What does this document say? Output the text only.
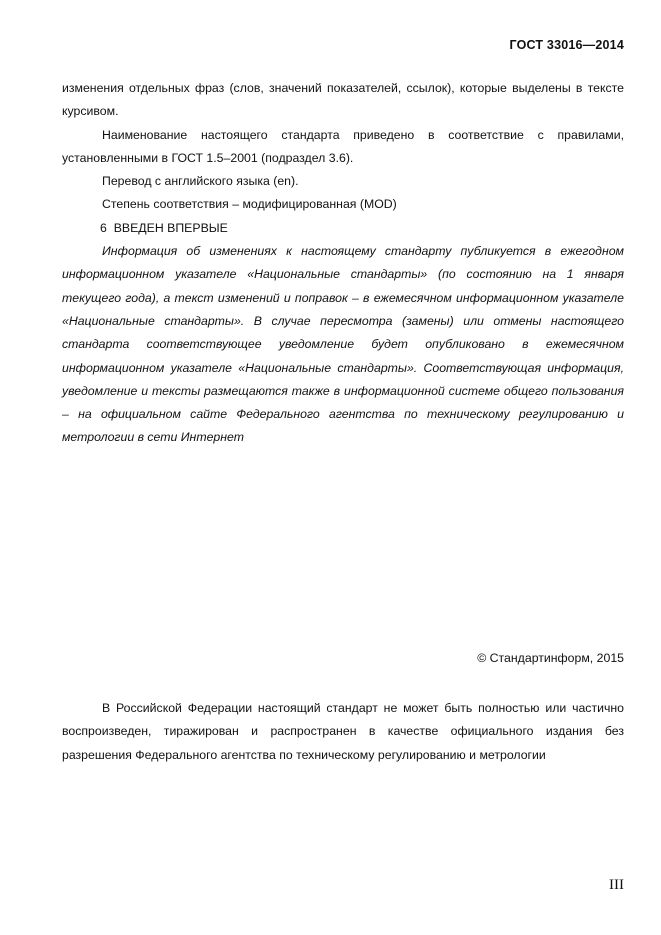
ГОСТ 33016—2014

изменения отдельных фраз (слов, значений показателей, ссылок), которые выделены в тексте курсивом.

Наименование настоящего стандарта приведено в соответствие с правилами, установленными в ГОСТ 1.5–2001 (подраздел 3.6).

Перевод с английского языка (en).

Степень соответствия – модифицированная (MOD)

6 ВВЕДЕН ВПЕРВЫЕ

Информация об изменениях к настоящему стандарту публикуется в ежегодном информационном указателе «Национальные стандарты» (по состоянию на 1 января текущего года), а текст изменений и поправок – в ежемесячном информационном указателе «Национальные стандарты». В случае пересмотра (замены) или отмены настоящего стандарта соответствующее уведомление будет опубликовано в ежемесячном информационном указателе «Национальные стандарты». Соответствующая информация, уведомление и тексты размещаются также в информационной системе общего пользования – на официальном сайте Федерального агентства по техническому регулированию и метрологии в сети Интернет

© Стандартинформ, 2015

В Российской Федерации настоящий стандарт не может быть полностью или частично воспроизведен, тиражирован и распространен в качестве официального издания без разрешения Федерального агентства по техническому регулированию и метрологии

III
